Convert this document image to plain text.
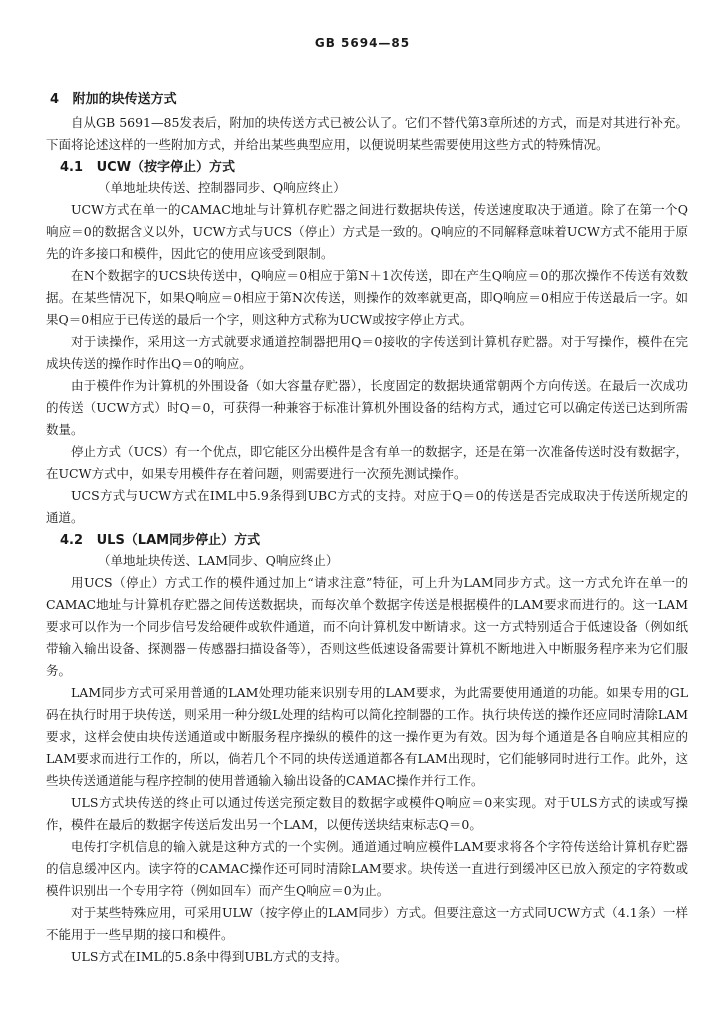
GB 5694—85
4 附加的块传送方式

自从GB 5691—85发表后，附加的块传送方式已被公认了。它们不替代第3章所述的方式，而是对其进行补充。下面将论述这样的一些附加方式，并给出某些典型应用，以便说明某些需要使用这些方式的特殊情况。

4.1 UCW（按字停止）方式
（单地址块传送、控制器同步、Q响应终止）

UCW方式在单一的CAMAC地址与计算机存贮器之间进行数据块传送，传送速度取决于通道。除了在第一个Q响应＝0的数据含义以外，UCW方式与UCS（停止）方式是一致的。Q响应的不同解释意味着UCW方式不能用于原先的许多接口和模件，因此它的使用应该受到限制。

在N个数据字的UCS块传送中，Q响应＝0相应于第N＋1次传送，即在产生Q响应＝0的那次操作不传送有效数据。在某些情况下，如果Q响应＝0相应于第N次传送，则操作的效率就更高，即Q响应＝0相应于传送最后一字。如果Q＝0相应于已传送的最后一个字，则这种方式称为UCW或按字停止方式。

对于读操作，采用这一方式就要求通道控制器把用Q＝0接收的字传送到计算机存贮器。对于写操作，模件在完成块传送的操作时作出Q＝0的响应。

由于模件作为计算机的外围设备（如大容量存贮器），长度固定的数据块通常朝两个方向传送。在最后一次成功的传送（UCW方式）时Q＝0，可获得一种兼容于标准计算机外围设备的结构方式，通过它可以确定传送已达到所需数量。

停止方式（UCS）有一个优点，即它能区分出模件是含有单一的数据字，还是在第一次准备传送时没有数据字，在UCW方式中，如果专用模件存在着问题，则需要进行一次预先测试操作。

UCS方式与UCW方式在IML中5.9条得到UBC方式的支持。对应于Q＝0的传送是否完成取决于传送所规定的通道。

4.2 ULS（LAM同步停止）方式
（单地址块传送、LAM同步、Q响应终止）

用UCS（停止）方式工作的模件通过加上“请求注意”特征，可上升为LAM同步方式。这一方式允许在单一的CAMAC地址与计算机存贮器之间传送数据块，而每次单个数据字传送是根据模件的LAM要求而进行的。这一LAM要求可以作为一个同步信号发给硬件或软件通道，而不向计算机发中断请求。这一方式特别适合于低速设备（例如纸带输入输出设备、探测器－传感器扫描设备等），否则这些低速设备需要计算机不断地进入中断服务程序来为它们服务。

LAM同步方式可采用普通的LAM处理功能来识别专用的LAM要求，为此需要使用通道的功能。如果专用的GL码在执行时用于块传送，则采用一种分级L处理的结构可以简化控制器的工作。执行块传送的操作还应同时清除LAM要求，这样会使由块传送通道或中断服务程序操纵的模件的这一操作更为有效。因为每个通道是各自响应其相应的LAM要求而进行工作的，所以，倘若几个不同的块传送通道都各有LAM出现时，它们能够同时进行工作。此外，这些块传送通道能与程序控制的使用普通输入输出设备的CAMAC操作并行工作。

ULS方式块传送的终止可以通过传送完预定数目的数据字或模件Q响应＝0来实现。对于ULS方式的读或写操作，模件在最后的数据字传送后发出另一个LAM，以便传送块结束标志Q＝0。

电传打字机信息的输入就是这种方式的一个实例。通道通过响应模件LAM要求将各个字符传送给计算机存贮器的信息缓冲区内。读字符的CAMAC操作还可同时清除LAM要求。块传送一直进行到缓冲区已放入预定的字符数或模件识别出一个专用字符（例如回车）而产生Q响应＝0为止。

对于某些特殊应用，可采用ULW（按字停止的LAM同步）方式。但要注意这一方式同UCW方式（4.1条）一样不能用于一些早期的接口和模件。

ULS方式在IML的5.8条中得到UBL方式的支持。
